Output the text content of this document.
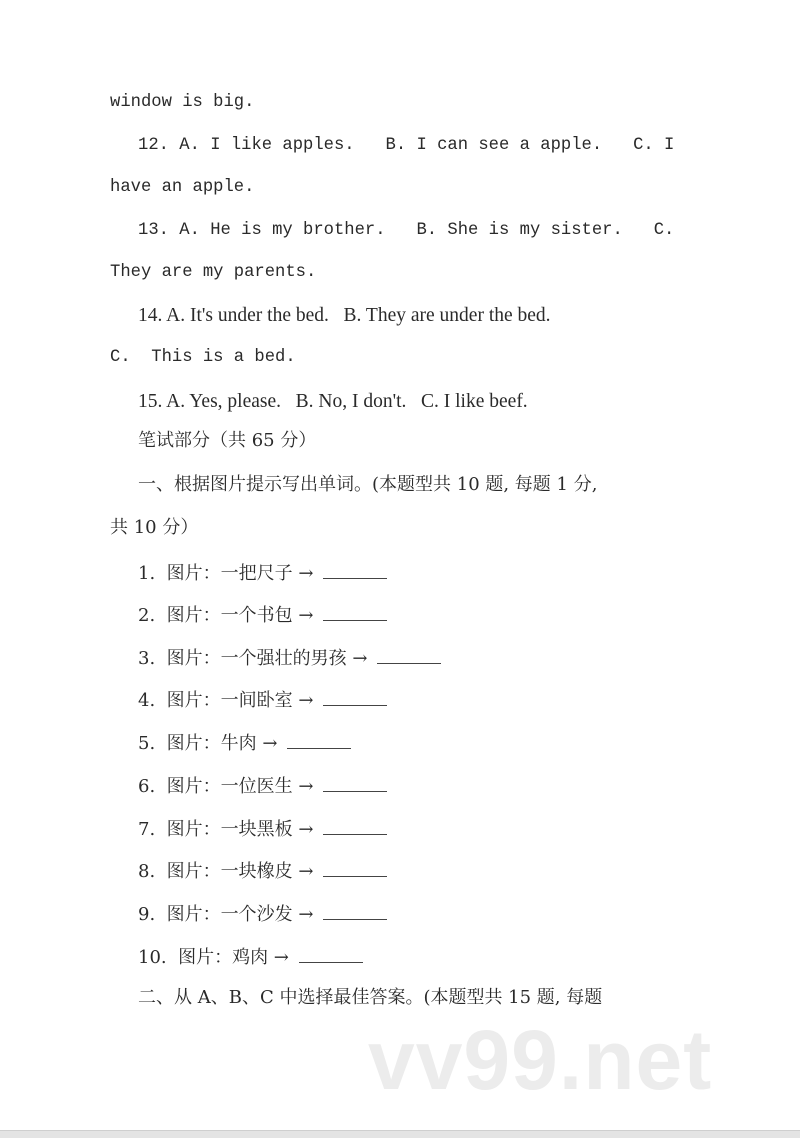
window is big.
12. A. I like apples.   B. I can see a apple.   C. I
have an apple.
13. A. He is my brother.   B. She is my sister.   C.
They are my parents.
14. A. It's under the bed.   B. They are under the bed.
C.  This is a bed.
15. A. Yes, please.   B. No, I don't.   C. I like beef.
笔试部分（共 65 分）
一、根据图片提示写出单词。(本题型共 10 题, 每题 1 分,
共 10 分）
1.  图片：一把尺子 →
2.  图片：一个书包 →
3.  图片：一个强壮的男孩 →
4.  图片：一间卧室 →
5.  图片：牛肉 →
6.  图片：一位医生 →
7.  图片：一块黑板 →
8.  图片：一块橡皮 →
9.  图片：一个沙发 →
10.  图片：鸡肉 →
二、从 A、B、C 中选择最佳答案。(本题型共 15 题, 每题
vv99.net
